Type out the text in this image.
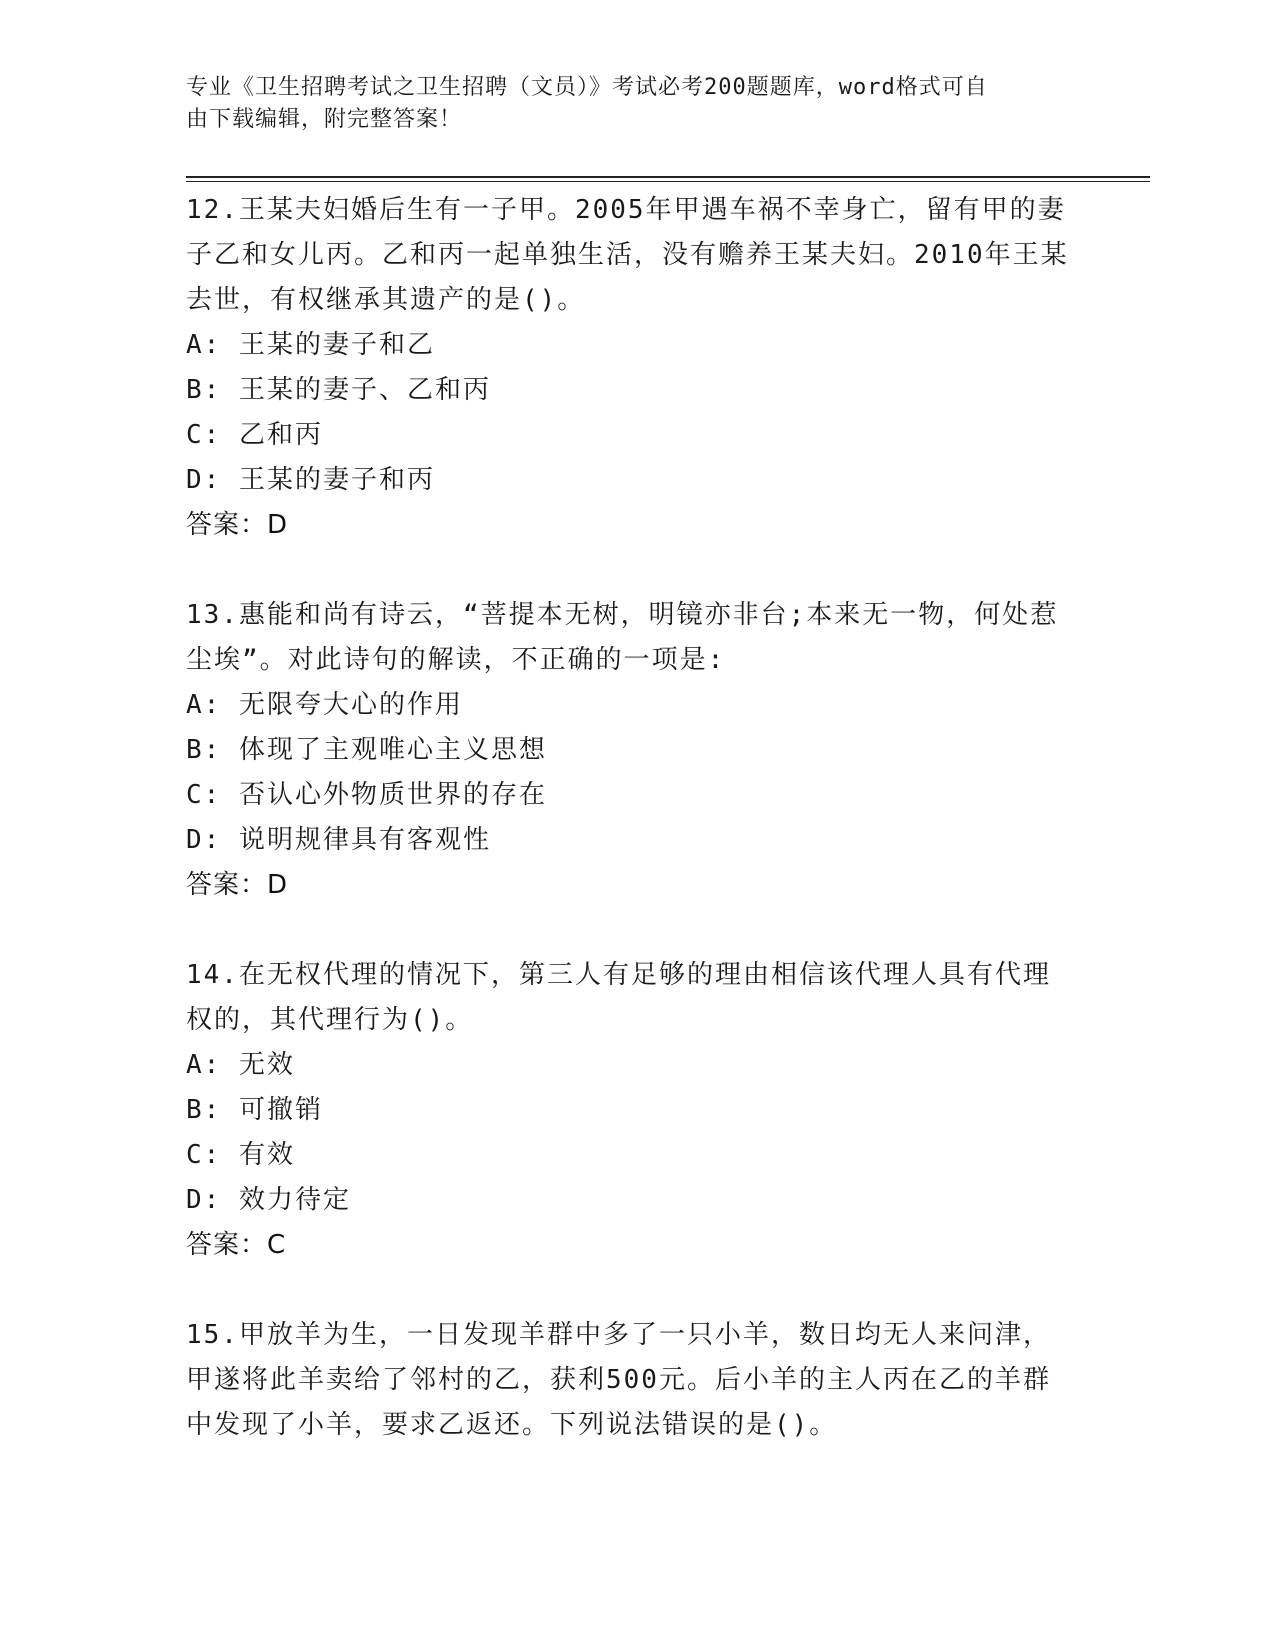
专业《卫生招聘考试之卫生招聘（文员）》考试必考200题题库，word格式可自
由下载编辑，附完整答案！
12.王某夫妇婚后生有一子甲。2005年甲遇车祸不幸身亡，留有甲的妻子乙和女儿丙。乙和丙一起单独生活，没有赡养王某夫妇。2010年王某去世，有权继承其遗产的是()。
A: 王某的妻子和乙
B: 王某的妻子、乙和丙
C: 乙和丙
D: 王某的妻子和丙
答案：D
13.惠能和尚有诗云，“菩提本无树，明镜亦非台;本来无一物，何处惹尘埃”。对此诗句的解读，不正确的一项是:
A: 无限夸大心的作用
B: 体现了主观唯心主义思想
C: 否认心外物质世界的存在
D: 说明规律具有客观性
答案：D
14.在无权代理的情况下，第三人有足够的理由相信该代理人具有代理权的，其代理行为()。
A: 无效
B: 可撤销
C: 有效
D: 效力待定
答案：C
15.甲放羊为生，一日发现羊群中多了一只小羊，数日均无人来问津，甲遂将此羊卖给了邻村的乙，获利500元。后小羊的主人丙在乙的羊群中发现了小羊，要求乙返还。下列说法错误的是()。
